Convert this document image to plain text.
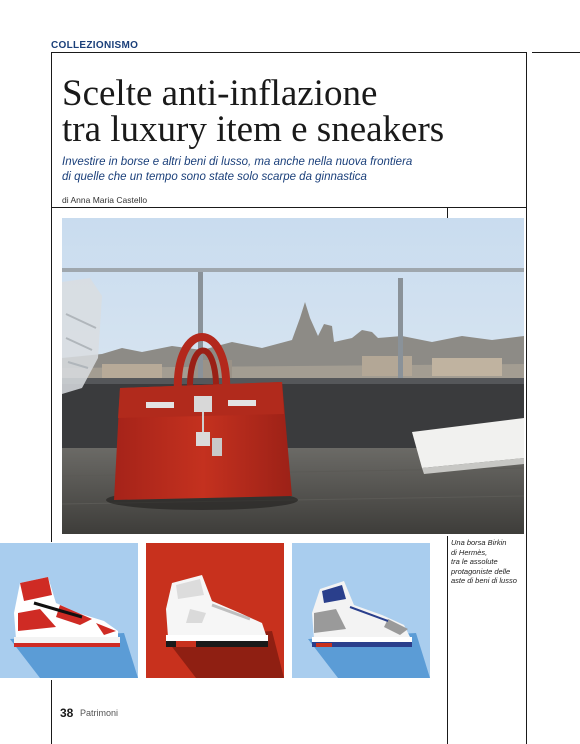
COLLEZIONISMO
Scelte anti-inflazione
tra luxury item e sneakers
Investire in borse e altri beni di lusso, ma anche nella nuova frontiera
di quelle che un tempo sono state solo scarpe da ginnastica
di Anna Maria Castello
Una borsa Birkin
di Hermès,
tra le assolute
protagoniste delle
aste di beni di lusso
38 Patrimoni
